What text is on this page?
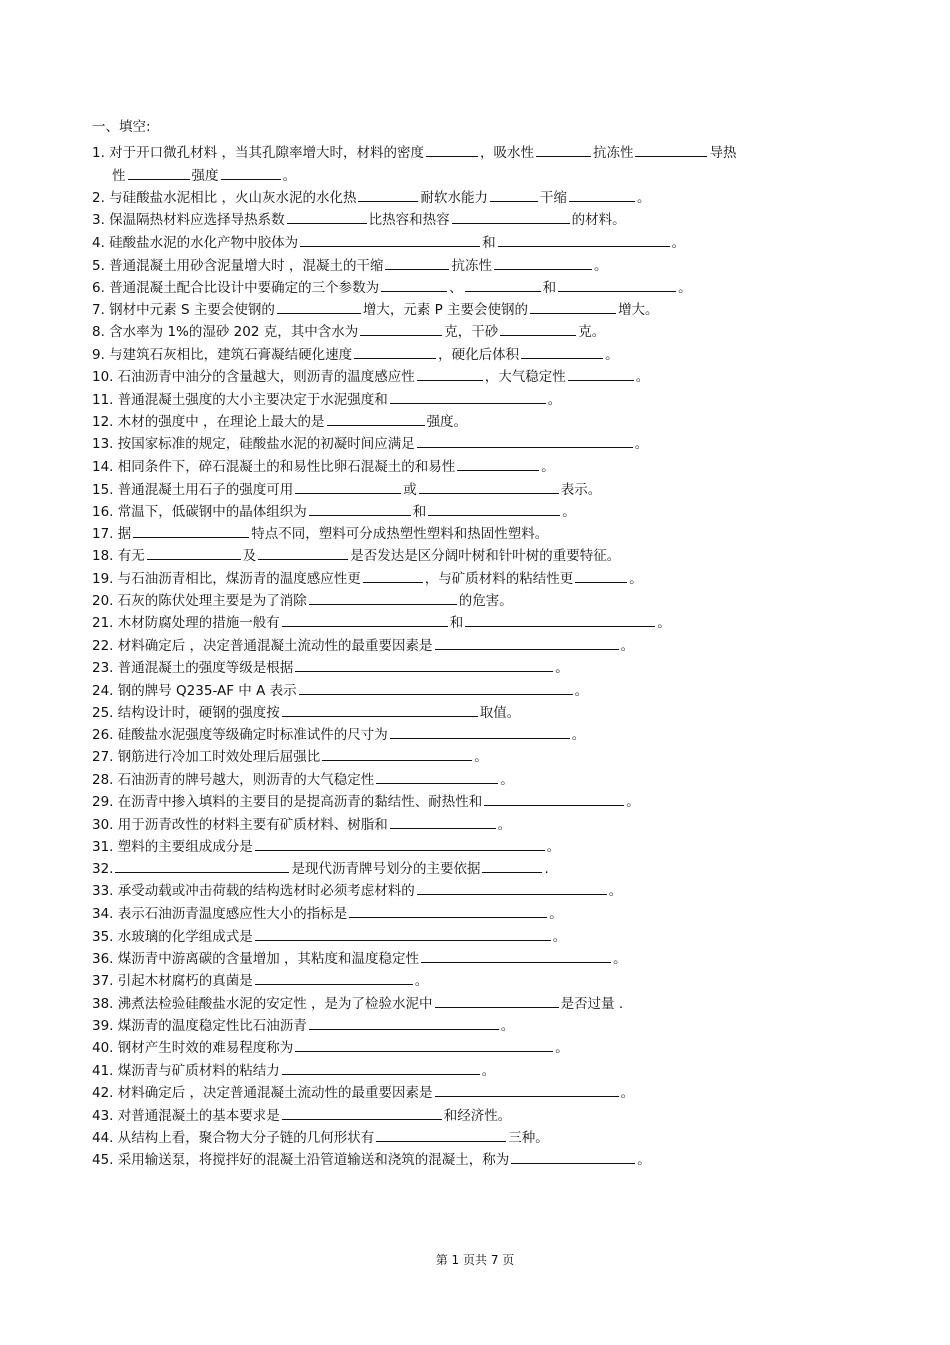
一、填空:
1. 对于开口微孔材料 ，当其孔隙率增大时，材料的密度	，吸水性	抗冻性	导热
性	强度	。
2. 与硅酸盐水泥相比 ，火山灰水泥的水化热	耐软水能力	干缩	。
3. 保温隔热材料应选择导热系数	比热容和热容	的材料。
4. 硅酸盐水泥的水化产物中胶体为	和	。
5. 普通混凝土用砂含泥量增大时 ，混凝土的干缩	抗冻性	。
6. 普通混凝土配合比设计中要确定的三个参数为	、	和	。
7. 钢材中元素 S 主要会使钢的	增大，元素 P 主要会使钢的	增大。
8. 含水率为 1%的湿砂 202 克，其中含水为	克，干砂	克。
9. 与建筑石灰相比，建筑石膏凝结硬化速度	，硬化后体积	。
10. 石油沥青中油分的含量越大，则沥青的温度感应性	，大气稳定性	。
11. 普通混凝土强度的大小主要决定于水泥强度和	。
12. 木材的强度中 ，在理论上最大的是	强度。
13. 按国家标准的规定，硅酸盐水泥的初凝时间应满足	。
14. 相同条件下，碎石混凝土的和易性比卵石混凝土的和易性	。
15. 普通混凝土用石子的强度可用	或	表示。
16. 常温下，低碳钢中的晶体组织为	和	。
17. 据	特点不同，塑料可分成热塑性塑料和热固性塑料。
18. 有无	及	是否发达是区分阔叶树和针叶树的重要特征。
19. 与石油沥青相比，煤沥青的温度感应性更	，与矿质材料的粘结性更	。
20. 石灰的陈伏处理主要是为了消除	的危害。
21. 木材防腐处理的措施一般有	和	。
22. 材料确定后 ，决定普通混凝土流动性的最重要因素是	。
23. 普通混凝土的强度等级是根据	。
24. 钢的牌号 Q235-AF 中 A 表示	。
25. 结构设计时，硬钢的强度按	取值。
26. 硅酸盐水泥强度等级确定时标准试件的尺寸为	。
27. 钢筋进行冷加工时效处理后屈强比	。
28. 石油沥青的牌号越大，则沥青的大气稳定性	。
29. 在沥青中掺入填料的主要目的是提高沥青的黏结性、耐热性和	。
30. 用于沥青改性的材料主要有矿质材料、树脂和	。
31. 塑料的主要组成成分是	。
32.	是现代沥青牌号划分的主要依据	.
33. 承受动载或冲击荷载的结构选材时必须考虑材料的	。
34. 表示石油沥青温度感应性大小的指标是	。
35. 水玻璃的化学组成式是	。
36. 煤沥青中游离碳的含量增加 ，其粘度和温度稳定性	。
37. 引起木材腐朽的真菌是	。
38. 沸煮法检验硅酸盐水泥的安定性 ，是为了检验水泥中	是否过量 .
39. 煤沥青的温度稳定性比石油沥青	。
40. 钢材产生时效的难易程度称为	。
41. 煤沥青与矿质材料的粘结力	。
42. 材料确定后 ，决定普通混凝土流动性的最重要因素是	。
43. 对普通混凝土的基本要求是	和经济性。
44. 从结构上看，聚合物大分子链的几何形状有	三种。
45. 采用输送泵，将搅拌好的混凝土沿管道输送和浇筑的混凝土，称为	。
第 1 页共 7 页
